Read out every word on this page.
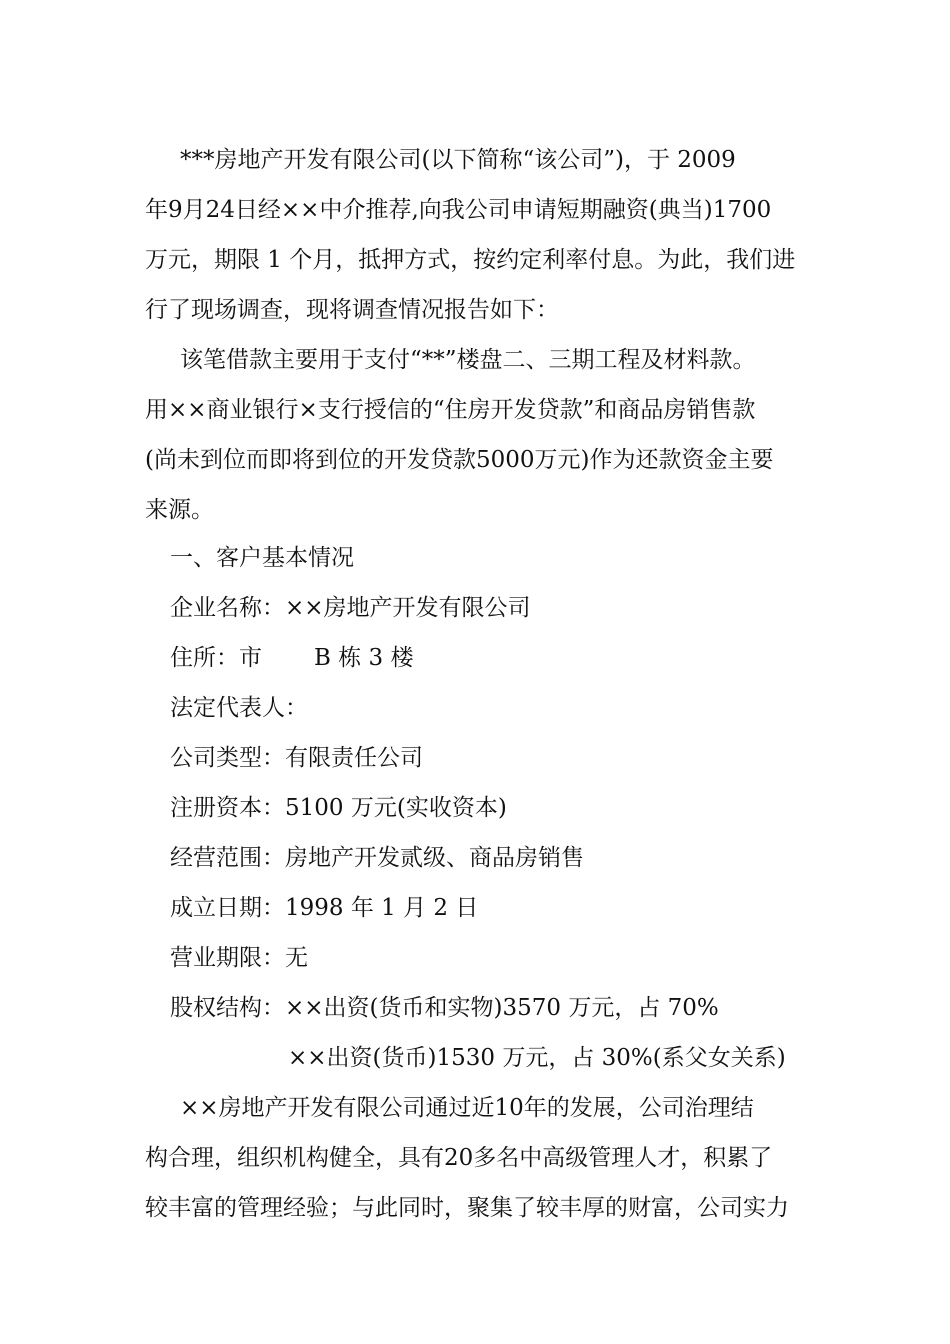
***房地产开发有限公司(以下简称“该公司”)，于 2009
年9月24日经××中介推荐,向我公司申请短期融资(典当)1700
万元，期限 1 个月，抵押方式，按约定利率付息。为此，我们进
行了现场调查，现将调查情况报告如下：
该笔借款主要用于支付“**”楼盘二、三期工程及材料款。
用××商业银行×支行授信的“住房开发贷款”和商品房销售款
(尚未到位而即将到位的开发贷款5000万元)作为还款资金主要
来源。
一、客户基本情况
企业名称：××房地产开发有限公司
住所：市 B 栋 3 楼
法定代表人：
公司类型：有限责任公司
注册资本：5100 万元(实收资本)
经营范围：房地产开发贰级、商品房销售
成立日期：1998 年 1 月 2 日
营业期限：无
股权结构：××出资(货币和实物)3570 万元，占 70%
××出资(货币)1530 万元，占 30%(系父女关系)
××房地产开发有限公司通过近10年的发展，公司治理结
构合理，组织机构健全，具有20多名中高级管理人才，积累了
较丰富的管理经验；与此同时，聚集了较丰厚的财富，公司实力
